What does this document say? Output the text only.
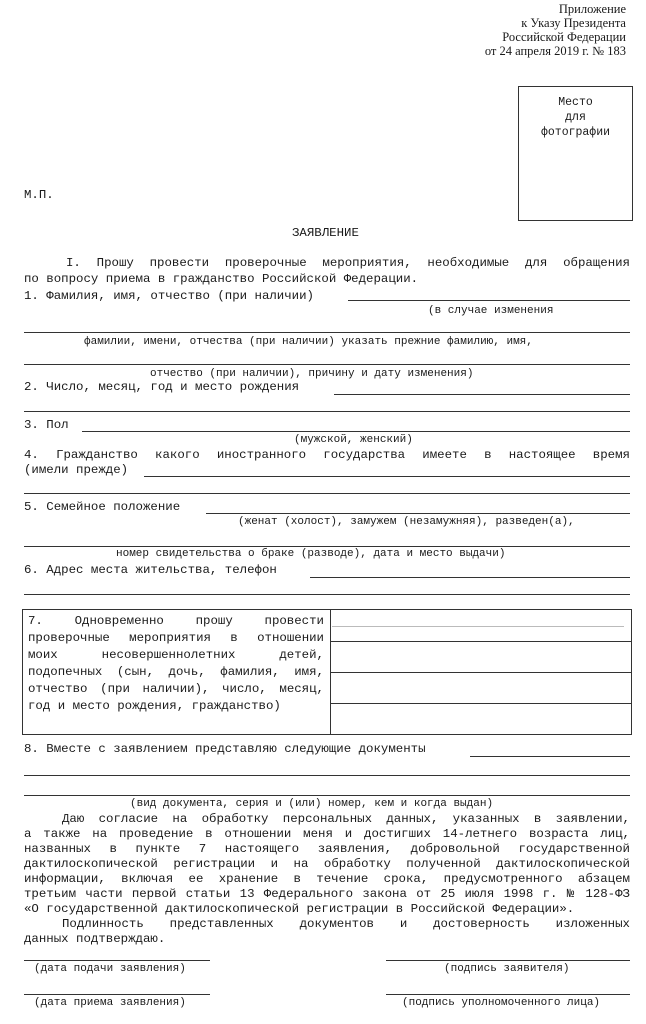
Приложение
к Указу Президента
Российской Федерации
от 24 апреля 2019 г. № 183
Место
для
фотографии
М.П.
ЗАЯВЛЕНИЕ
I. Прошу провести проверочные мероприятия, необходимые для обращения
по вопросу приема в гражданство Российской Федерации.
1. Фамилия, имя, отчество (при наличии)
(в случае изменения
фамилии, имени, отчества (при наличии) указать прежние фамилию, имя,
отчество (при наличии), причину и дату изменения)
2. Число, месяц, год и место рождения
3. Пол
(мужской, женский)
4. Гражданство какого иностранного государства имеете в настоящее время
(имели прежде)
5. Семейное положение
(женат (холост), замужем (незамужняя), разведен(а),
номер свидетельства о браке (разводе), дата и место выдачи)
6. Адрес места жительства, телефон
7. Одновременно прошу провести
проверочные мероприятия в отношении
моих несовершеннолетних детей,
подопечных (сын, дочь, фамилия, имя,
отчество (при наличии), число, месяц,
год и место рождения, гражданство)
8. Вместе с заявлением представляю следующие документы
(вид документа, серия и (или) номер, кем и когда выдан)
Даю согласие на обработку персональных данных, указанных в заявлении,
а также на проведение в отношении меня и достигших 14-летнего возраста лиц,
названных в пункте 7 настоящего заявления, добровольной государственной
дактилоскопической регистрации и на обработку полученной дактилоскопической
информации, включая ее хранение в течение срока, предусмотренного абзацем
третьим части первой статьи 13 Федерального закона от 25 июля 1998 г. № 128-ФЗ
«О государственной дактилоскопической регистрации в Российской Федерации».
Подлинность представленных документов и достоверность изложенных
данных подтверждаю.
(дата подачи заявления)	(подпись заявителя)
(дата приема заявления)	(подпись уполномоченного лица)
